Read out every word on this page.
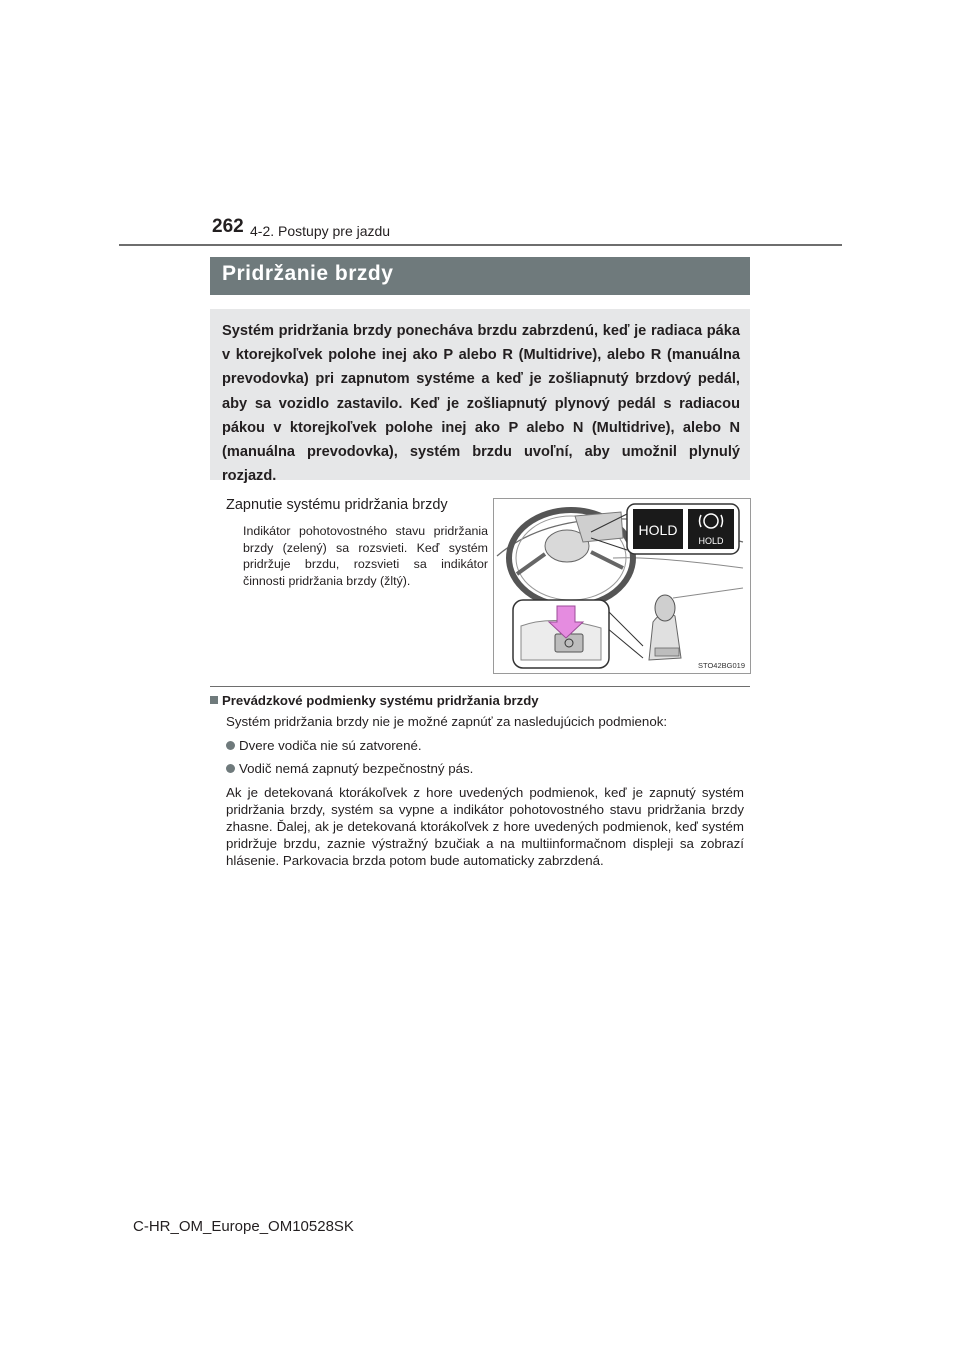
262 4-2. Postupy pre jazdu
Pridržanie brzdy

Systém pridržania brzdy ponecháva brzdu zabrzdenú, keď je radiaca páka v ktorejkoľvek polohe inej ako P alebo R (Multidrive), alebo R (manuálna prevodovka) pri zapnutom systéme a keď je zošliapnutý brzdový pedál, aby sa vozidlo zastavilo. Keď je zošliapnutý plynový pedál s radiacou pákou v ktorejkoľvek polohe inej ako P alebo N (Multidrive), alebo N (manuálna prevodovka), systém brzdu uvoľní, aby umožnil plynulý rozjazd.

Zapnutie systému pridržania brzdy

Indikátor pohotovostného stavu pridržania brzdy (zelený) sa rozsvieti. Keď systém pridržuje brzdu, rozsvieti sa indikátor činnosti pridržania brzdy (žltý).

HOLD
HOLD
STO42BG019
Prevádzkové podmienky systému pridržania brzdy
Systém pridržania brzdy nie je možné zapnúť za nasledujúcich podmienok:
Dvere vodiča nie sú zatvorené.
Vodič nemá zapnutý bezpečnostný pás.

Ak je detekovaná ktorákoľvek z hore uvedených podmienok, keď je zapnutý systém pridržania brzdy, systém sa vypne a indikátor pohotovostného stavu pridržania brzdy zhasne. Ďalej, ak je detekovaná ktorákoľvek z hore uvedených podmienok, keď systém pridržuje brzdu, zaznie výstražný bzučiak a na multiinformačnom displeji sa zobrazí hlásenie. Parkovacia brzda potom bude automaticky zabrzdená.

C-HR_OM_Europe_OM10528SK
